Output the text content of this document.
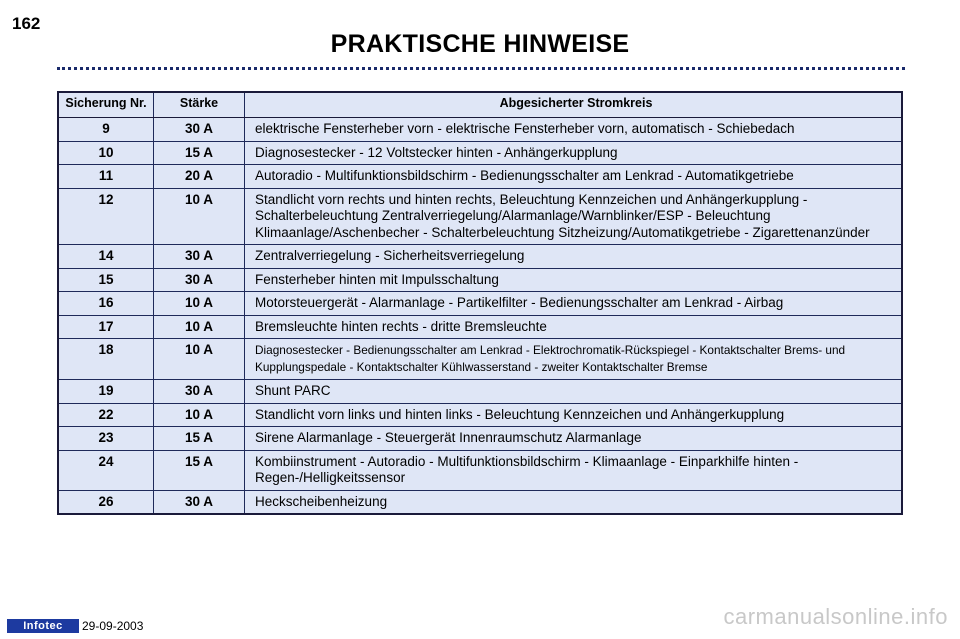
162
PRAKTISCHE HINWEISE
Sicherung Nr.	Stärke	Abgesicherter Stromkreis
9	30 A	elektrische Fensterheber vorn - elektrische Fensterheber vorn, automatisch - Schiebedach
10	15 A	Diagnosestecker - 12 Voltstecker hinten - Anhängerkupplung
11	20 A	Autoradio - Multifunktionsbildschirm - Bedienungsschalter am Lenkrad - Automatikgetriebe
12	10 A	Standlicht vorn rechts und hinten rechts, Beleuchtung Kennzeichen und Anhängerkupplung - Schalterbeleuchtung Zentralverriegelung/Alarmanlage/Warnblinker/ESP - Beleuchtung Klimaanlage/Aschenbecher - Schalterbeleuchtung Sitzheizung/Automatikgetriebe - Zigarettenanzünder
14	30 A	Zentralverriegelung - Sicherheitsverriegelung
15	30 A	Fensterheber hinten mit Impulsschaltung
16	10 A	Motorsteuergerät - Alarmanlage - Partikelfilter - Bedienungsschalter am Lenkrad - Airbag
17	10 A	Bremsleuchte hinten rechts - dritte Bremsleuchte
18	10 A	Diagnosestecker - Bedienungsschalter am Lenkrad - Elektrochromatik-Rückspiegel - Kontaktschalter Brems- und Kupplungspedale - Kontaktschalter Kühlwasserstand - zweiter Kontaktschalter Bremse
19	30 A	Shunt PARC
22	10 A	Standlicht vorn links und hinten links - Beleuchtung Kennzeichen und Anhängerkupplung
23	15 A	Sirene Alarmanlage - Steuergerät Innenraumschutz Alarmanlage
24	15 A	Kombiinstrument - Autoradio - Multifunktionsbildschirm - Klimaanlage - Einparkhilfe hinten - Regen-/Helligkeitssensor
26	30 A	Heckscheibenheizung
Infotec	29-09-2003	carmanualsonline.info
